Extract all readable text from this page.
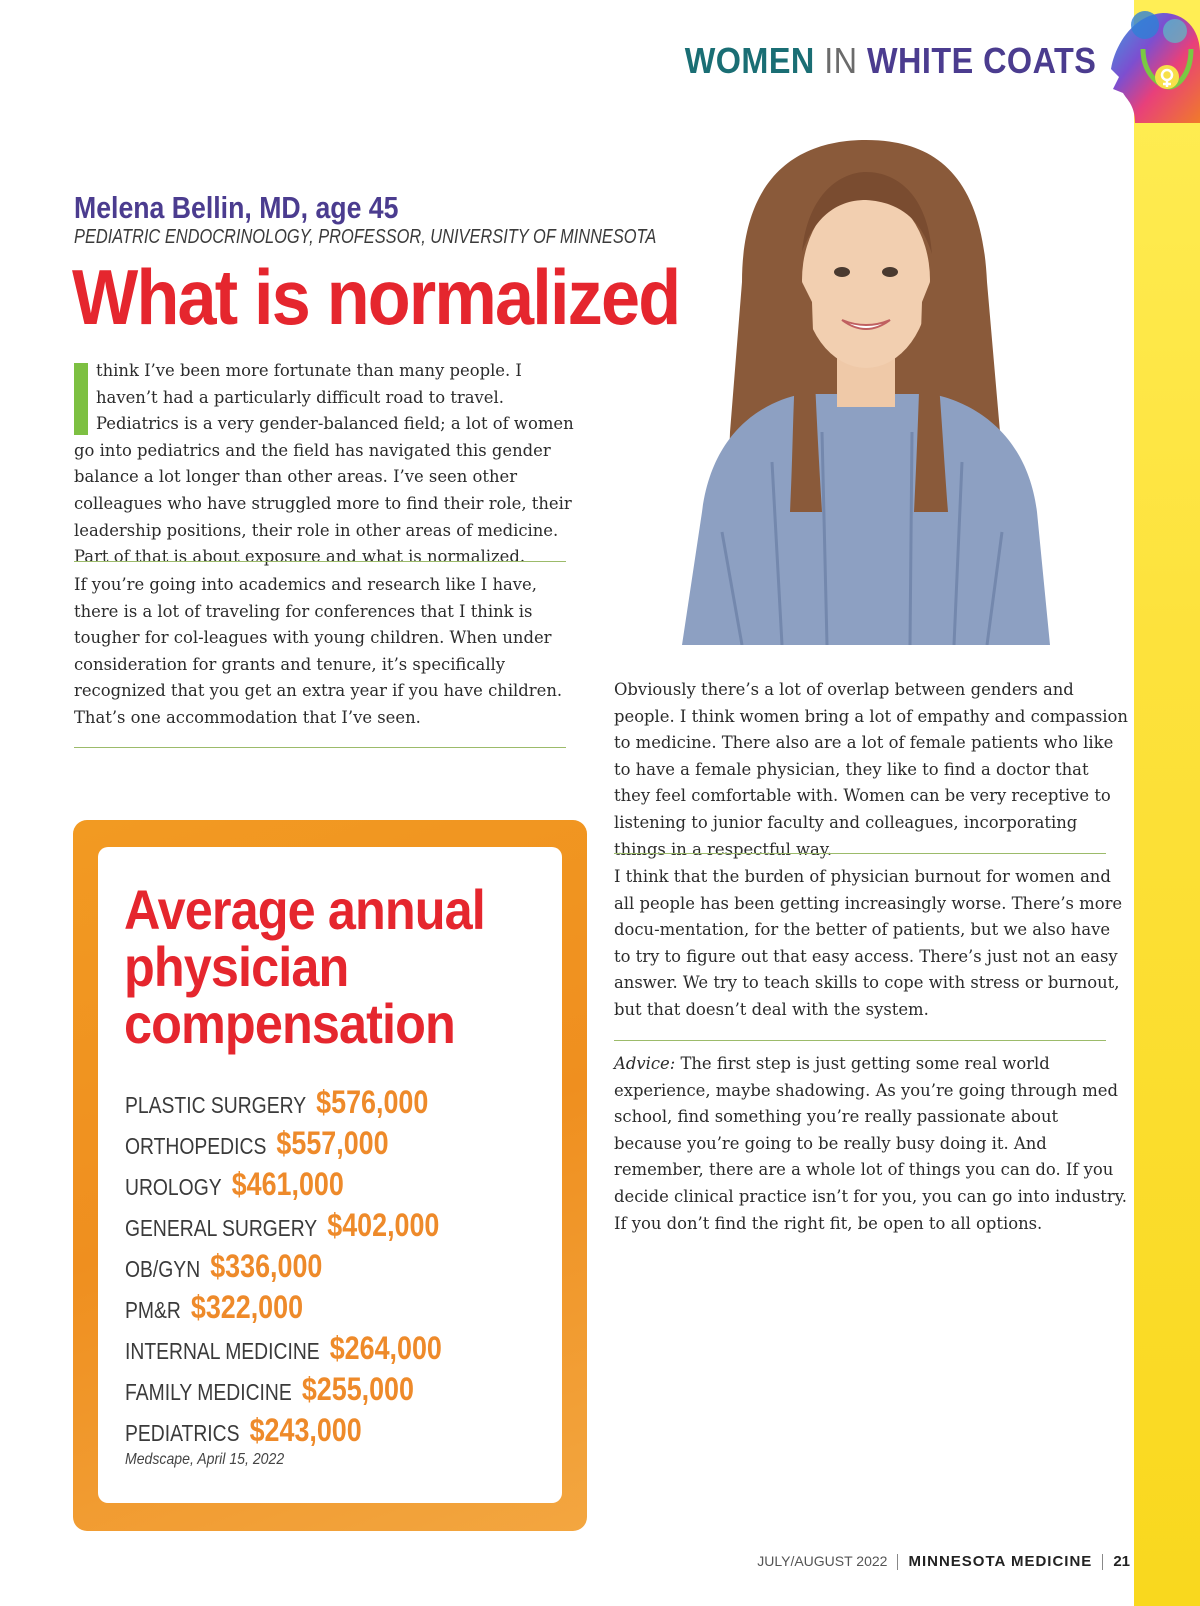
WOMEN IN WHITE COATS
Melena Bellin, MD, age 45

PEDIATRIC ENDOCRINOLOGY, PROFESSOR, UNIVERSITY OF MINNESOTA

What is normalized

think I’ve been more fortunate than many people. I haven’t had a particularly difficult road to travel. Pediatrics is a very gender-balanced field; a lot of women go into pediatrics and the field has navigated this gender balance a lot longer than other areas. I’ve seen other colleagues who have struggled more to find their role, their leadership positions, their role in other areas of medicine. Part of that is about exposure and what is normalized.

If you’re going into academics and research like I have, there is a lot of traveling for conferences that I think is tougher for col-leagues with young children. When under consideration for grants and tenure, it’s specifically recognized that you get an extra year if you have children. That’s one accommodation that I’ve seen.

Obviously there’s a lot of overlap between genders and people. I think women bring a lot of empathy and compassion to medicine. There also are a lot of female patients who like to have a female physician, they like to find a doctor that they feel comfortable with. Women can be very receptive to listening to junior faculty and colleagues, incorporating things in a respectful way.

I think that the burden of physician burnout for women and all people has been getting increasingly worse. There’s more docu-mentation, for the better of patients, but we also have to try to figure out that easy access. There’s just not an easy answer. We try to teach skills to cope with stress or burnout, but that doesn’t deal with the system.

Advice: The first step is just getting some real world experience, maybe shadowing. As you’re going through med school, find something you’re really passionate about because you’re going to be really busy doing it. And remember, there are a whole lot of things you can do. If you decide clinical practice isn’t for you, you can go into industry. If you don’t find the right fit, be open to all options.

Average annual physician compensation
PLASTIC SURGERY $576,000
ORTHOPEDICS $557,000
UROLOGY $461,000
GENERAL SURGERY $402,000
OB/GYN $336,000
PM&R $322,000
INTERNAL MEDICINE $264,000
FAMILY MEDICINE $255,000
PEDIATRICS $243,000

Medscape, April 15, 2022

JULY/AUGUST 2022 MINNESOTA MEDICINE 21
